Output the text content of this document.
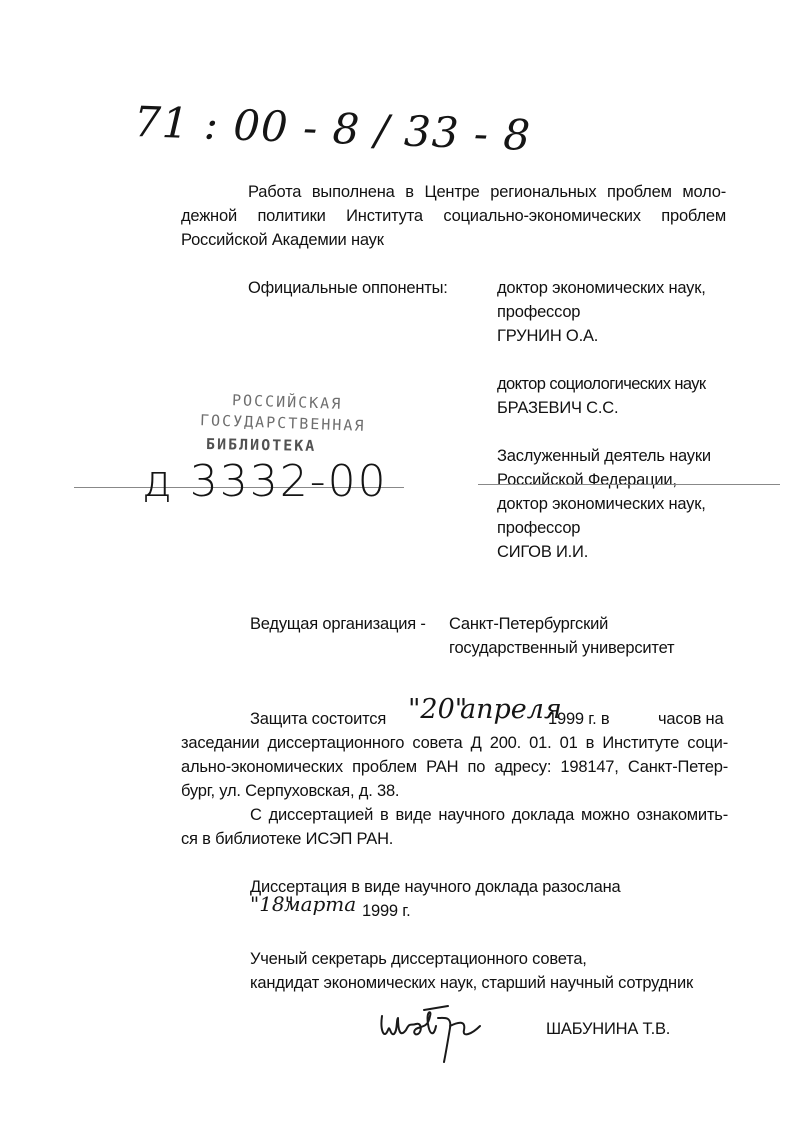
71 : 00 - 8 / 33 - 8
Работа выполнена в Центре региональных проблем моло-
дежной политики Института социально-экономических проблем
Российской Академии наук
Официальные оппоненты:	доктор экономических наук,
профессор
ГРУНИН О.А.
доктор социологических наук
БРАЗЕВИЧ С.С.
Заслуженный деятель науки
Российской Федерации,
доктор экономических наук,
профессор
СИГОВ И.И.
РОССИЙСКАЯ
ГОСУДАРСТВЕННАЯ
БИБЛИОТЕКА
д 3332-00
Ведущая организация - Санкт-Петербургский
государственный университет
Защита состоится "20"
апреля
1999 г. в	часов на
заседании диссертационного совета Д 200. 01. 01 в Институте соци-
ально-экономических проблем РАН по адресу: 198147, Санкт-Петер-
бург, ул. Серпуховская, д. 38.
С диссертацией в виде научного доклада можно ознакомить-
ся в библиотеке ИСЭП РАН.
Диссертация в виде научного доклада разослана
"18"
марта 1999 г.
Ученый секретарь диссертационного совета,
кандидат экономических наук, старший научный сотрудник
ШАБУНИНА Т.В.
